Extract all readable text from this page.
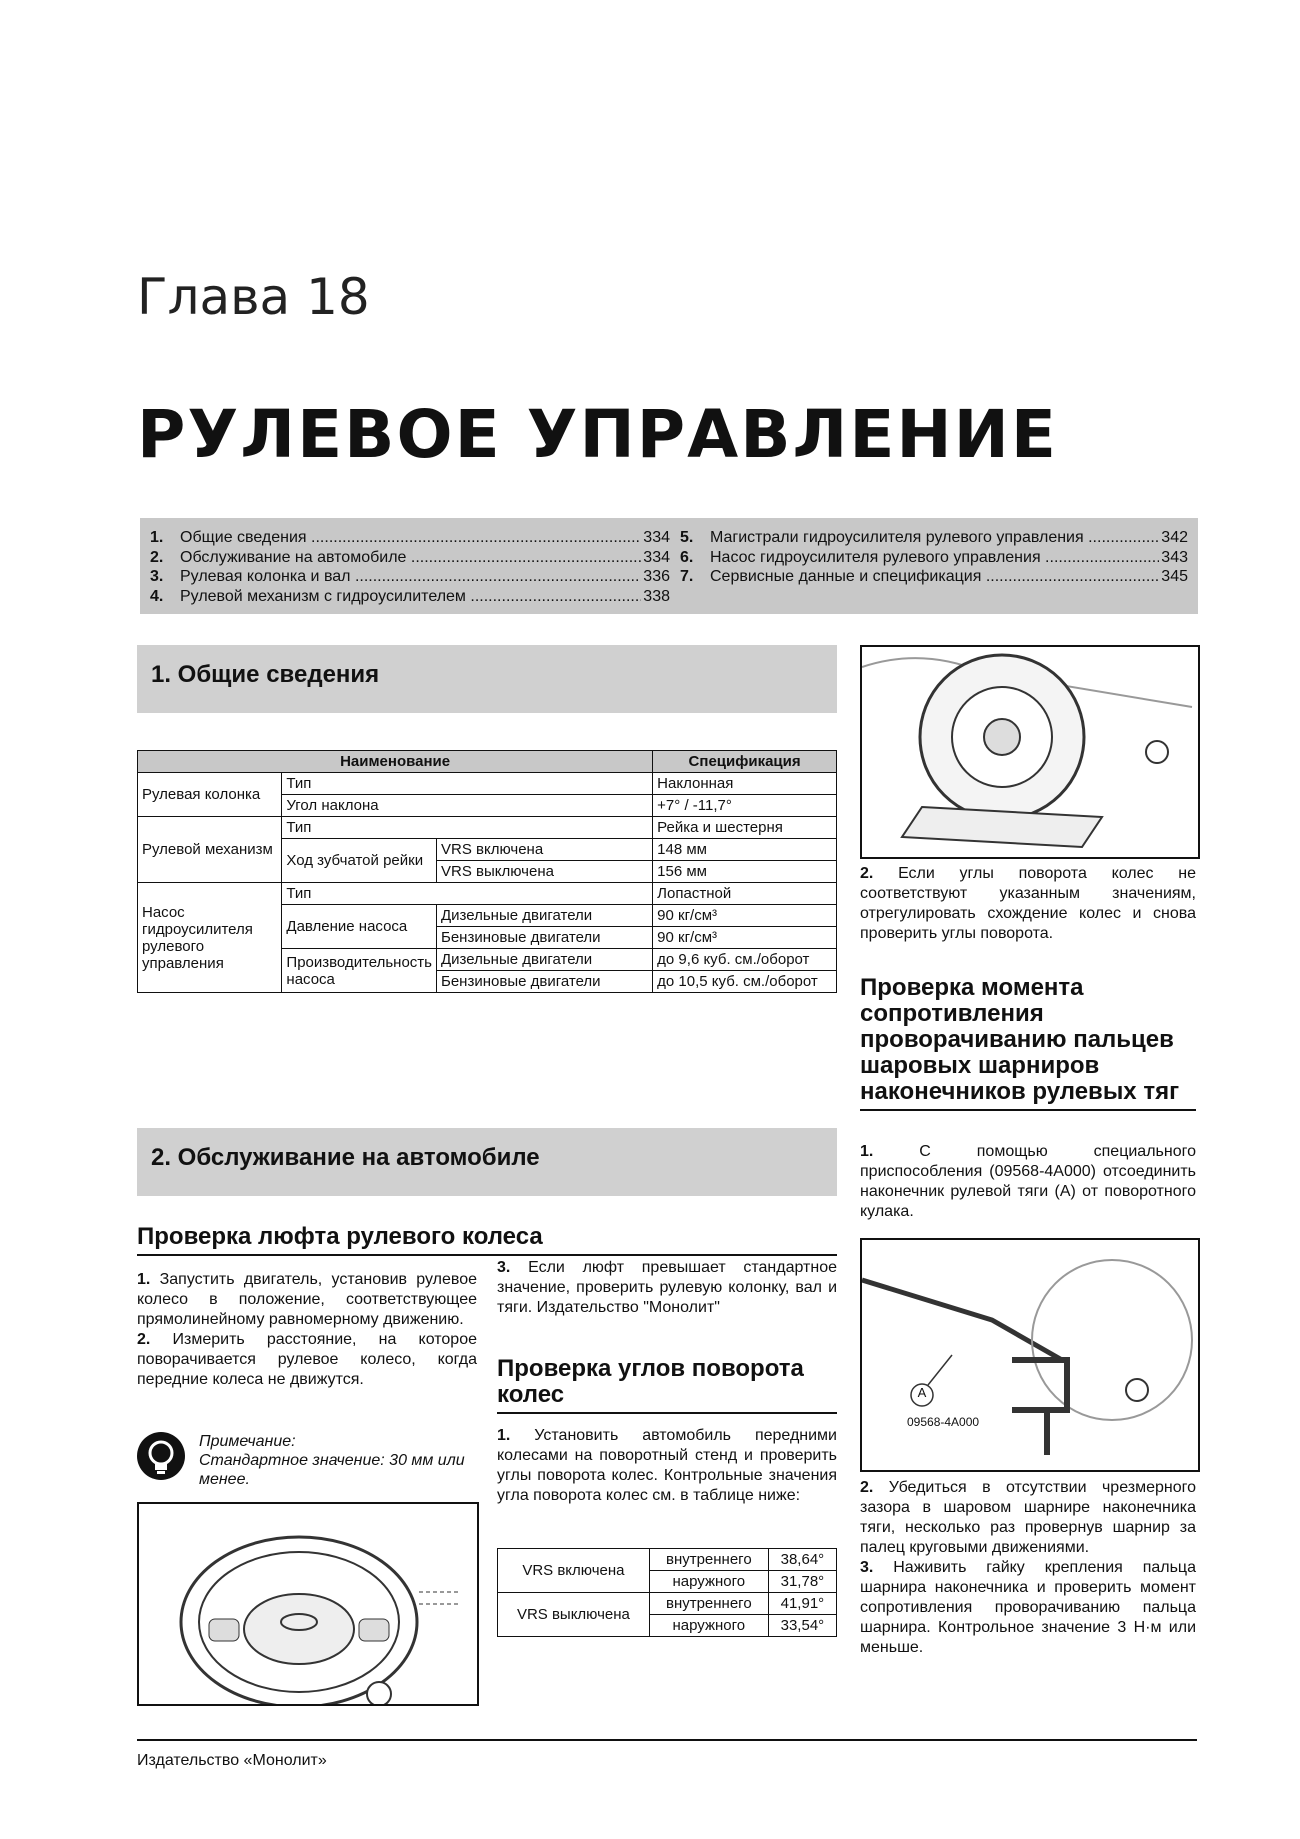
Глава 18
РУЛЕВОЕ УПРАВЛЕНИЕ
1.	Общие сведения .....	334
2.	Обслуживание на автомобиле .....	334
3.	Рулевая колонка и вал .....	336
4.	Рулевой механизм с гидроусилителем .....	338
5.	Магистрали гидроусилителя рулевого управления .....	342
6.	Насос гидроусилителя рулевого управления .....	343
7.	Сервисные данные и спецификация .....	345
1. Общие сведения
Наименование			Спецификация
Рулевая колонка	Тип		Наклонная
	Угол наклона		+7° / -11,7°
Рулевой механизм	Тип		Рейка и шестерня
	Ход зубчатой рейки	VRS включена	148 мм
		VRS выключена	156 мм
Насос гидроусилителя рулевого управления	Тип		Лопастной
	Давление насоса	Дизельные двигатели	90 кг/см³
		Бензиновые двигатели	90 кг/см³
	Производительность насоса	Дизельные двигатели	до 9,6 куб. см./оборот
		Бензиновые двигатели	до 10,5 куб. см./оборот
2. Обслуживание на автомобиле
Проверка люфта рулевого колеса
1. Запустить двигатель, установив рулевое колесо в положение, соответствующее прямолинейному равномерному движению.
2. Измерить расстояние, на которое поворачивается рулевое колесо, когда передние колеса не движутся.
Примечание:
Стандартное значение: 30 мм или менее.
3. Если люфт превышает стандартное значение, проверить рулевую колонку, вал и тяги. Издательство "Монолит"
Проверка углов поворота колес
1. Установить автомобиль передними колесами на поворотный стенд и проверить углы поворота колес. Контрольные значения угла поворота колес см. в таблице ниже:
VRS включена	внутреннего	38,64°
	наружного	31,78°
VRS выключена	внутреннего	41,91°
	наружного	33,54°
2. Если углы поворота колес не соответствуют указанным значениям, отрегулировать схождение колес и снова проверить углы поворота.
Проверка момента сопротивления проворачиванию пальцев шаровых шарниров наконечников рулевых тяг
1.	С помощью специального приспособления (09568-4А000) отсоединить наконечник рулевой тяги (А) от поворотного кулака.
A
09568-4A000
2. Убедиться в отсутствии чрезмерного зазора в шаровом шарнире наконечника тяги, несколько раз провернув шарнир за палец круговыми движениями.
3. Наживить гайку крепления пальца шарнира наконечника и проверить момент сопротивления проворачиванию пальца шарнира. Контрольное значение 3 Н·м или меньше.
Издательство «Монолит»
